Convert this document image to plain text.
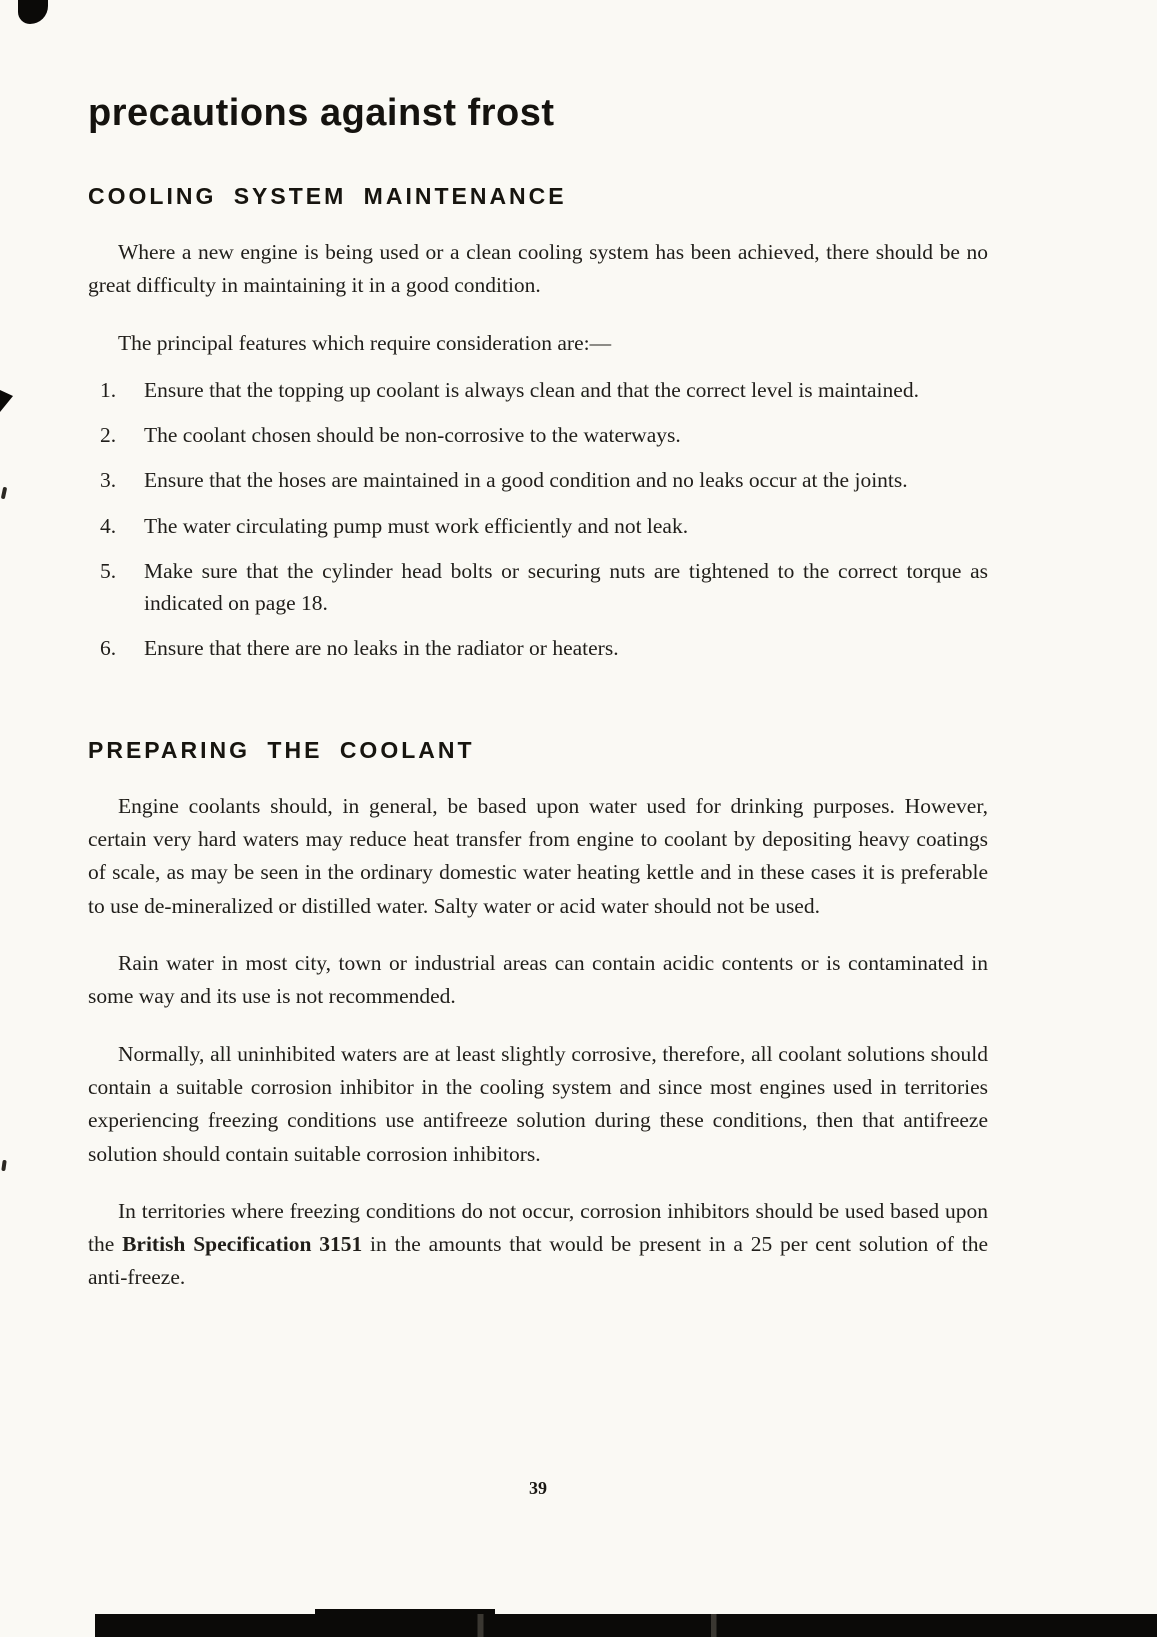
precautions against frost
COOLING SYSTEM MAINTENANCE

Where a new engine is being used or a clean cooling system has been achieved, there should be no great difficulty in maintaining it in a good condition.

The principal features which require consideration are:—

1. Ensure that the topping up coolant is always clean and that the correct level is maintained.
2. The coolant chosen should be non-corrosive to the waterways.
3. Ensure that the hoses are maintained in a good condition and no leaks occur at the joints.
4. The water circulating pump must work efficiently and not leak.
5. Make sure that the cylinder head bolts or securing nuts are tightened to the correct torque as indicated on page 18.
6. Ensure that there are no leaks in the radiator or heaters.
PREPARING THE COOLANT

Engine coolants should, in general, be based upon water used for drinking purposes. However, certain very hard waters may reduce heat transfer from engine to coolant by depositing heavy coatings of scale, as may be seen in the ordinary domestic water heating kettle and in these cases it is preferable to use de-mineralized or distilled water. Salty water or acid water should not be used.

Rain water in most city, town or industrial areas can contain acidic contents or is contaminated in some way and its use is not recommended.

Normally, all uninhibited waters are at least slightly corrosive, therefore, all coolant solutions should contain a suitable corrosion inhibitor in the cooling system and since most engines used in territories experiencing freezing conditions use antifreeze solution during these conditions, then that antifreeze solution should contain suitable corrosion inhibitors.

In territories where freezing conditions do not occur, corrosion inhibitors should be used based upon the British Specification 3151 in the amounts that would be present in a 25 per cent solution of the anti-freeze.

39
